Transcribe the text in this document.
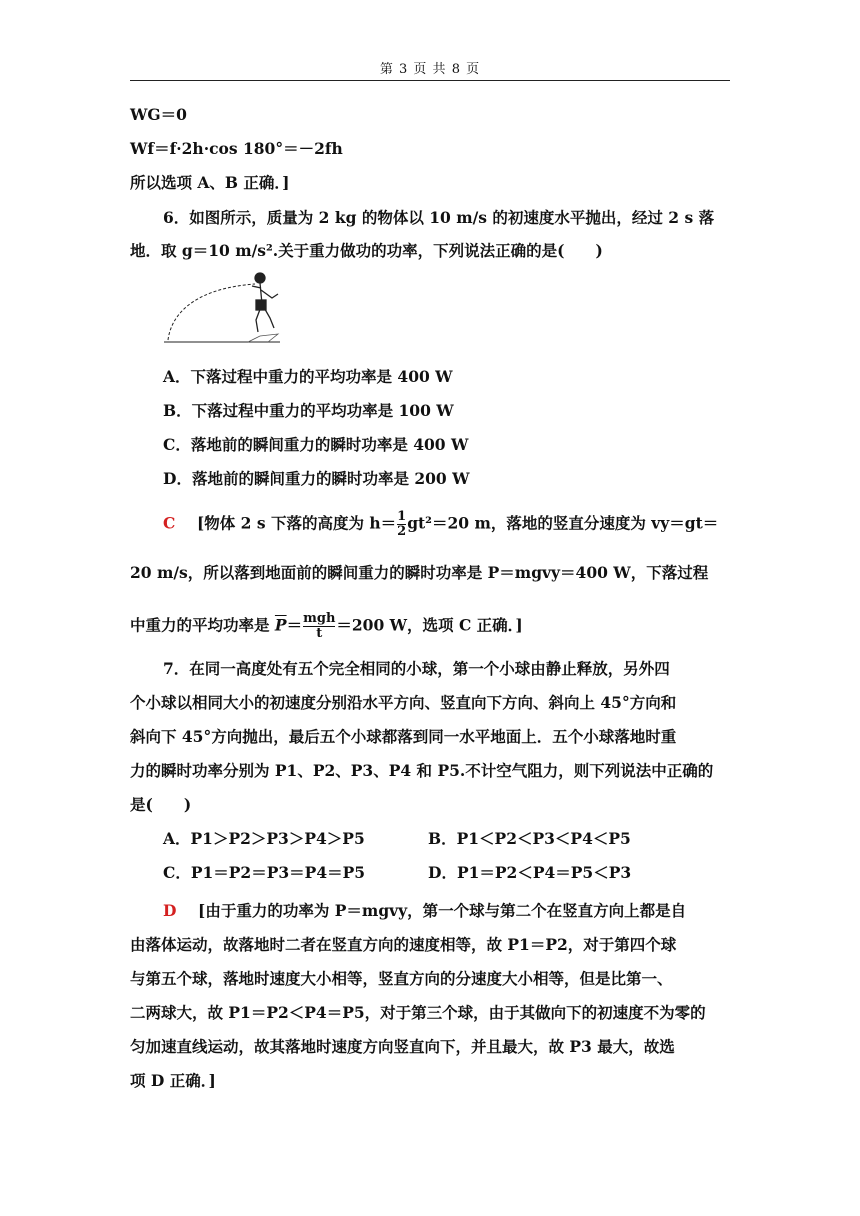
第 3 页 共 8 页
WG＝0
Wf＝f·2h·cos 180°＝－2fh
所以选项 A、B 正确．]
6．如图所示，质量为 2 kg 的物体以 10 m/s 的初速度水平抛出，经过 2 s 落
地．取 g＝10 m/s².关于重力做功的功率，下列说法正确的是(　　)
A．下落过程中重力的平均功率是 400 W
B．下落过程中重力的平均功率是 100 W
C．落地前的瞬间重力的瞬时功率是 400 W
D．落地前的瞬间重力的瞬时功率是 200 W
C [物体 2 s 下落的高度为 $h= \frac{1}{2} gt^2=20$ m，落地的竖直分速度为 vy＝gt＝
20 m/s，所以落到地面前的瞬间重力的瞬时功率是 P＝mgvy＝400 W，下落过程
中重力的平均功率是 $\overline{P}= \frac{\text{mgh}}{t} =200$ W，选项 C 正确．]
7．在同一高度处有五个完全相同的小球，第一个小球由静止释放，另外四
个小球以相同大小的初速度分别沿水平方向、竖直向下方向、斜向上 45°方向和
斜向下 45°方向抛出，最后五个小球都落到同一水平地面上．五个小球落地时重
力的瞬时功率分别为 P1、P2、P3、P4 和 P5.不计空气阻力，则下列说法中正确的
是(　　)
A．P1＞P2＞P3＞P4＞P5	B．P1＜P2＜P3＜P4＜P5
C．P1＝P2＝P3＝P4＝P5	D．P1＝P2＜P4＝P5＜P3
D [由于重力的功率为 P＝mgvy，第一个球与第二个在竖直方向上都是自
由落体运动，故落地时二者在竖直方向的速度相等，故 P1＝P2，对于第四个球
与第五个球，落地时速度大小相等，竖直方向的分速度大小相等，但是比第一、
二两球大，故 P1＝P2＜P4＝P5，对于第三个球，由于其做向下的初速度不为零的
匀加速直线运动，故其落地时速度方向竖直向下，并且最大，故 P3 最大，故选
项 D 正确．]
